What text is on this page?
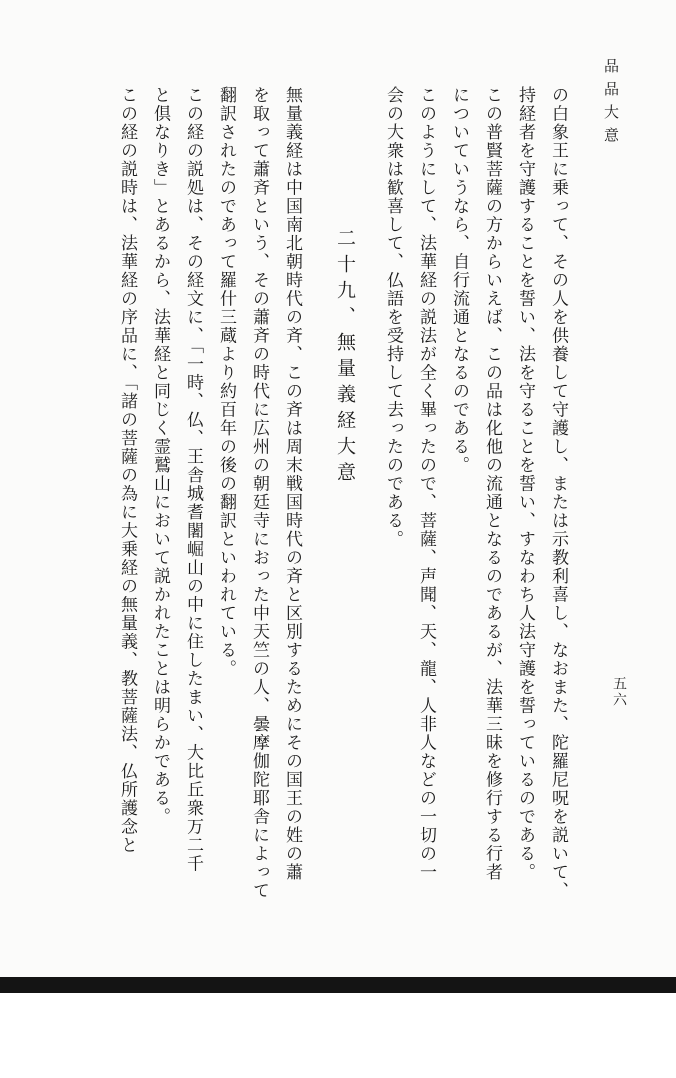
品品大意
五六
の白象王に乗って、その人を供養して守護し、または示教利喜し、なおまた、陀羅尼呪を説いて、
持経者を守護することを誓い、法を守ることを誓い、すなわち人法守護を誓っているのである。
この普賢菩薩の方からいえば、この品は化他の流通となるのであるが、法華三昧を修行する行者
についていうなら、自行流通となるのである。
このようにして、法華経の説法が全く畢ったので、菩薩、声聞、天、龍、人非人などの一切の一
会の大衆は歓喜して、仏語を受持して去ったのである。
二十九、無量義経大意
無量義経は中国南北朝時代の斉、この斉は周末戦国時代の斉と区別するためにその国王の姓の蕭
を取って蕭斉という、その蕭斉の時代に広州の朝廷寺におった中天竺の人、曇摩伽陀耶舎によって
翻訳されたのであって羅什三蔵より約百年の後の翻訳といわれている。
この経の説処は、その経文に、「一時、仏、王舎城耆闍崛山の中に住したまい、大比丘衆万二千
と倶なりき」とあるから、法華経と同じく霊鷲山において説かれたことは明らかである。
この経の説時は、法華経の序品に、「諸の菩薩の為に大乗経の無量義、教菩薩法、仏所護念と
